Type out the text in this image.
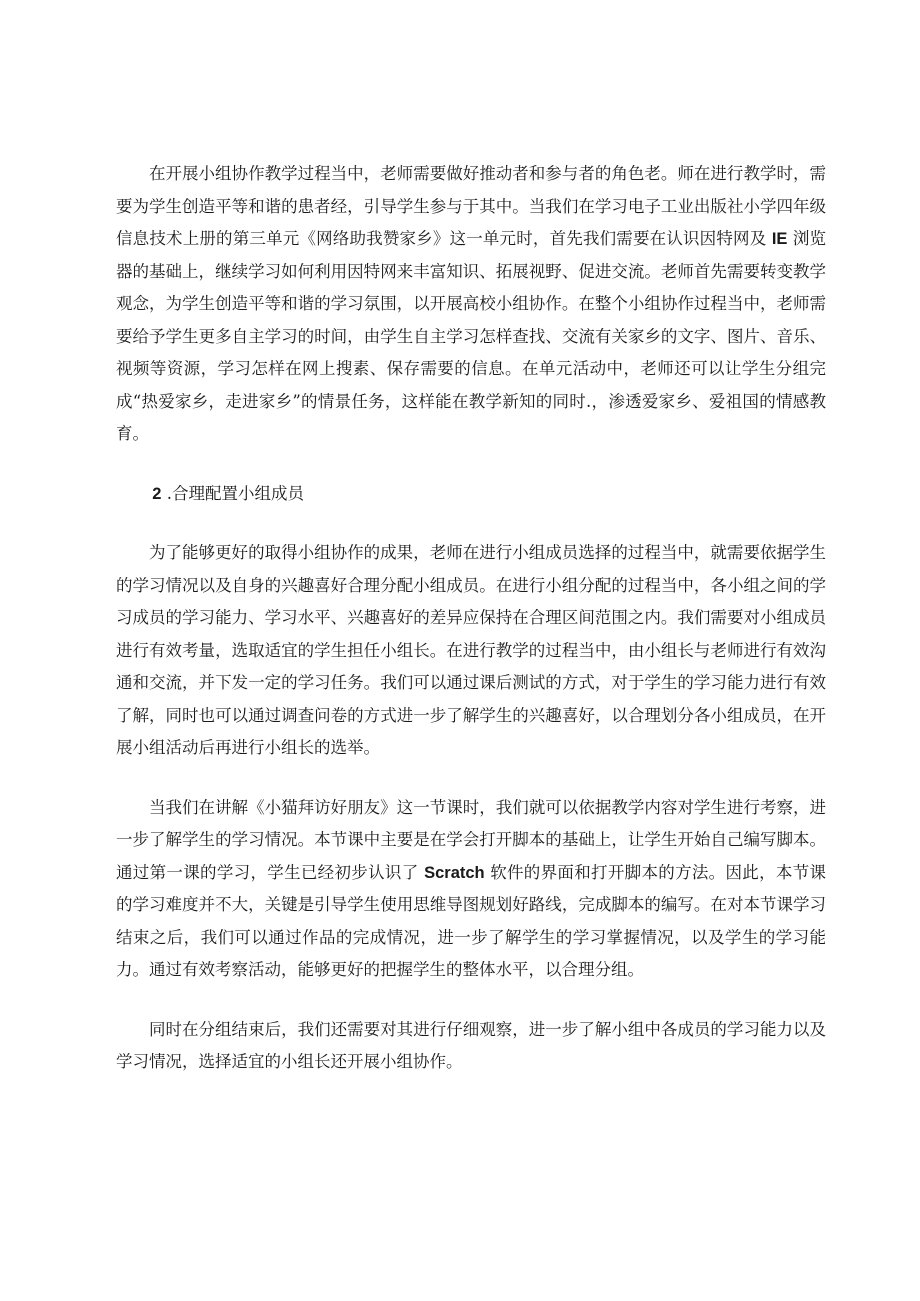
在开展小组协作教学过程当中，老师需要做好推动者和参与者的角色老。师在进行教学时，需要为学生创造平等和谐的患者经，引导学生参与于其中。当我们在学习电子工业出版社小学四年级信息技术上册的第三单元《网络助我赞家乡》这一单元时，首先我们需要在认识因特网及 IE 浏览器的基础上，继续学习如何利用因特网来丰富知识、拓展视野、促进交流。老师首先需要转变教学观念，为学生创造平等和谐的学习氛围，以开展高校小组协作。在整个小组协作过程当中，老师需要给予学生更多自主学习的时间，由学生自主学习怎样查找、交流有关家乡的文字、图片、音乐、视频等资源，学习怎样在网上搜素、保存需要的信息。在单元活动中，老师还可以让学生分组完成“热爱家乡，走进家乡”的情景任务，这样能在教学新知的同时.，渗透爱家乡、爱祖国的情感教育。

2 .合理配置小组成员

为了能够更好的取得小组协作的成果，老师在进行小组成员选择的过程当中，就需要依据学生的学习情况以及自身的兴趣喜好合理分配小组成员。在进行小组分配的过程当中，各小组之间的学习成员的学习能力、学习水平、兴趣喜好的差异应保持在合理区间范围之内。我们需要对小组成员进行有效考量，选取适宜的学生担任小组长。在进行教学的过程当中，由小组长与老师进行有效沟通和交流，并下发一定的学习任务。我们可以通过课后测试的方式，对于学生的学习能力进行有效了解，同时也可以通过调查问卷的方式进一步了解学生的兴趣喜好，以合理划分各小组成员，在开展小组活动后再进行小组长的选举。

当我们在讲解《小猫拜访好朋友》这一节课时，我们就可以依据教学内容对学生进行考察，进一步了解学生的学习情况。本节课中主要是在学会打开脚本的基础上，让学生开始自己编写脚本。通过第一课的学习，学生已经初步认识了 Scratch 软件的界面和打开脚本的方法。因此，本节课的学习难度并不大，关键是引导学生使用思维导图规划好路线，完成脚本的编写。在对本节课学习结束之后，我们可以通过作品的完成情况，进一步了解学生的学习掌握情况，以及学生的学习能力。通过有效考察活动，能够更好的把握学生的整体水平，以合理分组。

同时在分组结束后，我们还需要对其进行仔细观察，进一步了解小组中各成员的学习能力以及学习情况，选择适宜的小组长还开展小组协作。
